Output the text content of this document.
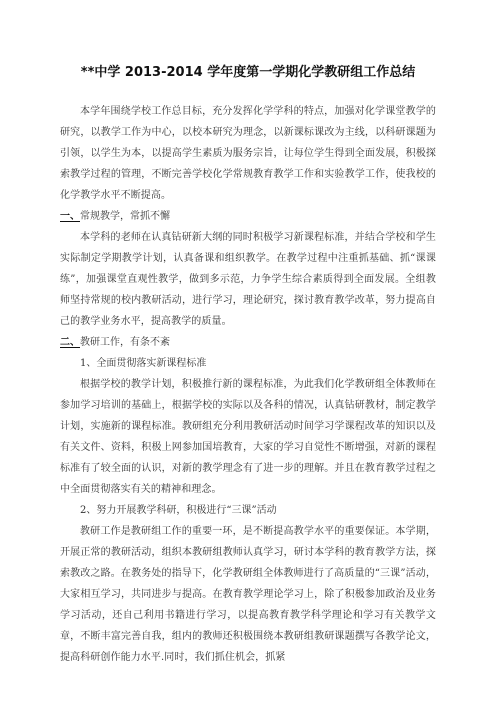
**中学 2013-2014 学年度第一学期化学教研组工作总结

本学年围绕学校工作总目标，充分发挥化学学科的特点，加强对化学课堂教学的研究，以教学工作为中心，以校本研究为理念，以新课标课改为主线，以科研课题为引领，以学生为本，以提高学生素质为服务宗旨，让每位学生得到全面发展，积极探索教学过程的管理，不断完善学校化学常规教育教学工作和实验教学工作，使我校的化学教学水平不断提高。

一、常规教学，常抓不懈

本学科的老师在认真钻研新大纲的同时积极学习新课程标准，并结合学校和学生实际制定学期教学计划，认真备课和组织教学。在教学过程中注重抓基础、抓“课课练”，加强课堂直观性教学，做到多示范，力争学生综合素质得到全面发展。全组教师坚持常规的校内教研活动，进行学习，理论研究，探讨教育教学改革，努力提高自己的教学业务水平，提高教学的质量。

二、教研工作，有条不紊
1、全面贯彻落实新课程标准

根据学校的教学计划，积极推行新的课程标准，为此我们化学教研组全体教师在参加学习培训的基础上，根据学校的实际以及各科的情况，认真钻研教材，制定教学计划，实施新的课程标准。教研组充分利用教研活动时间学习学课程改革的知识以及有关文件、资料，积极上网参加国培教育，大家的学习自觉性不断增强，对新的课程标准有了较全面的认识，对新的教学理念有了进一步的理解。并且在教育教学过程之中全面贯彻落实有关的精神和理念。

2、努力开展教学科研，积极进行“三课”活动

教研工作是教研组工作的重要一环，是不断提高教学水平的重要保证。本学期，开展正常的教研活动，组织本教研组教师认真学习，研讨本学科的教育教学方法，探索教改之路。在教务处的指导下，化学教研组全体教师进行了高质量的“三课”活动，大家相互学习，共同进步与提高。在教育教学理论学习上，除了积极参加政治及业务学习活动，还自己利用书籍进行学习，以提高教育教学科学理论和学习有关教学文章，不断丰富完善自我，组内的教师还积极围绕本教研组教研课题撰写各教学论文，提高科研创作能力水平.同时，我们抓住机会，抓紧
